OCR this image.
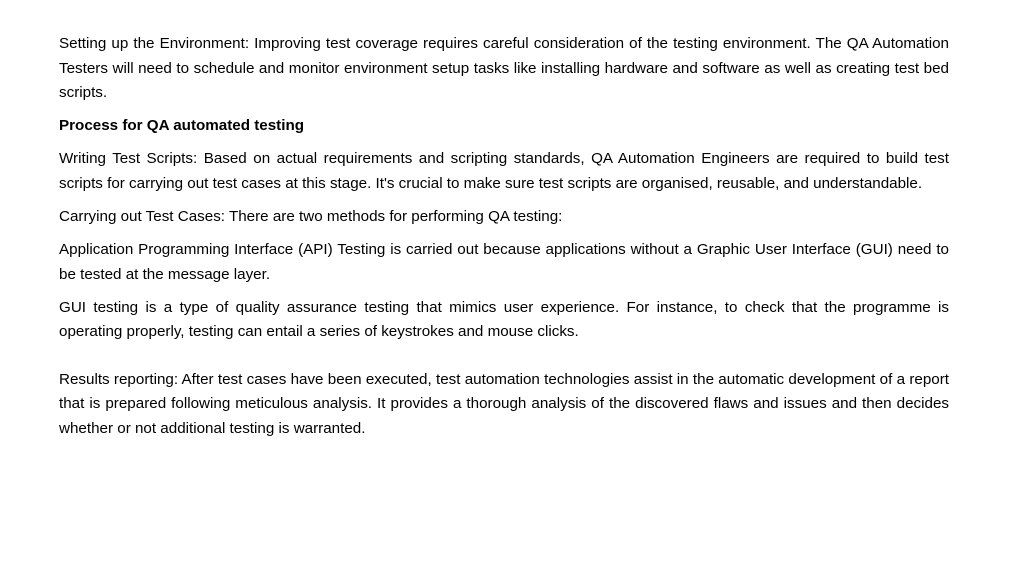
Setting up the Environment: Improving test coverage requires careful consideration of the testing environment. The QA Automation Testers will need to schedule and monitor environment setup tasks like installing hardware and software as well as creating test bed scripts.

Process for QA automated testing

Writing Test Scripts: Based on actual requirements and scripting standards, QA Automation Engineers are required to build test scripts for carrying out test cases at this stage. It's crucial to make sure test scripts are organised, reusable, and understandable.

Carrying out Test Cases: There are two methods for performing QA testing:

Application Programming Interface (API) Testing is carried out because applications without a Graphic User Interface (GUI) need to be tested at the message layer.

GUI testing is a type of quality assurance testing that mimics user experience. For instance, to check that the programme is operating properly, testing can entail a series of keystrokes and mouse clicks.

Results reporting: After test cases have been executed, test automation technologies assist in the automatic development of a report that is prepared following meticulous analysis. It provides a thorough analysis of the discovered flaws and issues and then decides whether or not additional testing is warranted.
